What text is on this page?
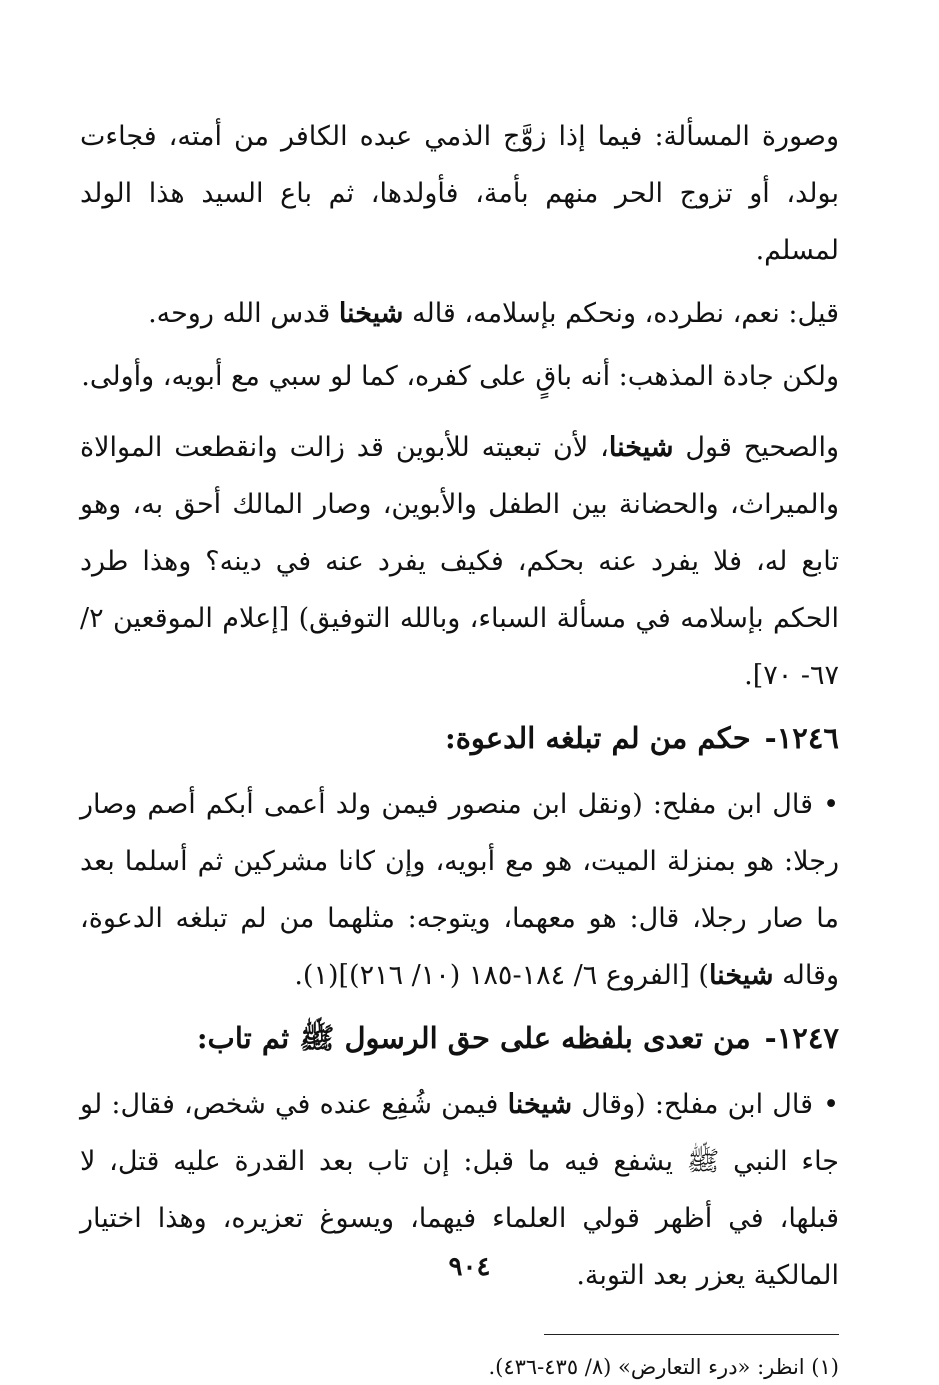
وصورة المسألة: فيما إذا زوَّج الذمي عبده الكافر من أمته، فجاءت بولد، أو تزوج الحر منهم بأمة، فأولدها، ثم باع السيد هذا الولد لمسلم.

قيل: نعم، نطرده، ونحكم بإسلامه، قاله شيخنا قدس الله روحه.

ولكن جادة المذهب: أنه باقٍ على كفره، كما لو سبي مع أبويه، وأولى.

والصحيح قول شيخنا، لأن تبعيته للأبوين قد زالت وانقطعت الموالاة والميراث، والحضانة بين الطفل والأبوين، وصار المالك أحق به، وهو تابع له، فلا يفرد عنه بحكم، فكيف يفرد عنه في دينه؟ وهذا طرد الحكم بإسلامه في مسألة السباء، وبالله التوفيق) [إعلام الموقعين ٢/ ٦٧- ٧٠].

١٢٤٦-حكم من لم تبلغه الدعوة:

•قال ابن مفلح: (ونقل ابن منصور فيمن ولد أعمى أبكم أصم وصار رجلا: هو بمنزلة الميت، هو مع أبويه، وإن كانا مشركين ثم أسلما بعد ما صار رجلا، قال: هو معهما، ويتوجه: مثلهما من لم تبلغه الدعوة، وقاله شيخنا) [الفروع ٦/ ١٨٤-١٨٥ (١٠/ ٢١٦)](١).

١٢٤٧-من تعدى بلفظه على حق الرسول ﷺ ثم تاب:

•قال ابن مفلح: (وقال شيخنا فيمن شُفِع عنده في شخص، فقال: لو جاء النبي ﷺ يشفع فيه ما قبل: إن تاب بعد القدرة عليه قتل، لا قبلها، في أظهر قولي العلماء فيهما، ويسوغ تعزيره، وهذا اختيار المالكية يعزر بعد التوبة.

(١) انظر: «درء التعارض» (٨/ ٤٣٥-٤٣٦).

٩٠٤
